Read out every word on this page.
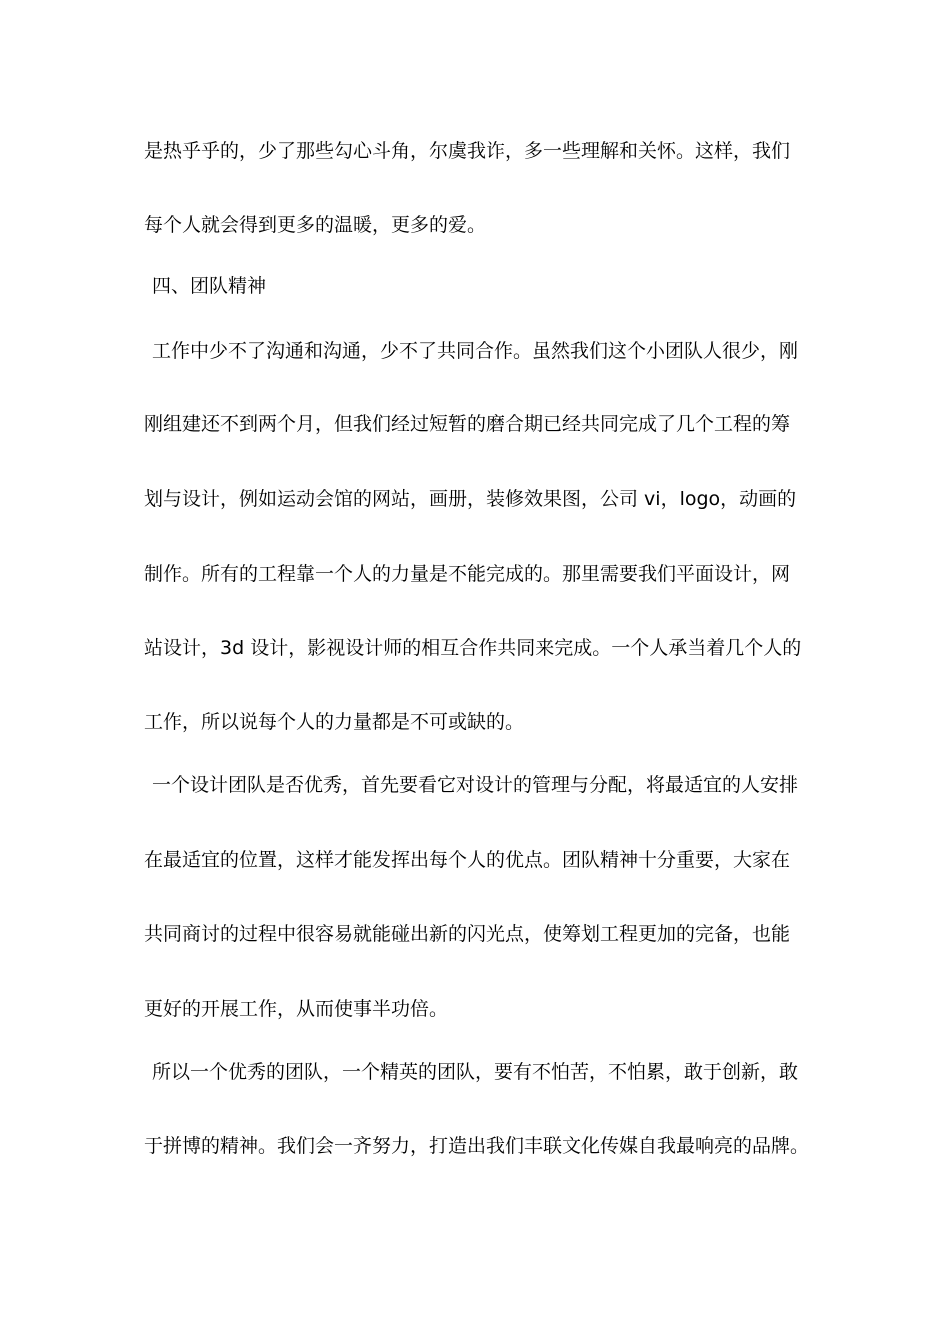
是热乎乎的，少了那些勾心斗角，尔虞我诈，多一些理解和关怀。这样，我们
每个人就会得到更多的温暖，更多的爱。
四、团队精神
工作中少不了沟通和沟通，少不了共同合作。虽然我们这个小团队人很少，刚
刚组建还不到两个月，但我们经过短暂的磨合期已经共同完成了几个工程的筹
划与设计，例如运动会馆的网站，画册，装修效果图，公司 vi，logo，动画的
制作。所有的工程靠一个人的力量是不能完成的。那里需要我们平面设计，网
站设计，3d 设计，影视设计师的相互合作共同来完成。一个人承当着几个人的
工作，所以说每个人的力量都是不可或缺的。
一个设计团队是否优秀，首先要看它对设计的管理与分配，将最适宜的人安排
在最适宜的位置，这样才能发挥出每个人的优点。团队精神十分重要，大家在
共同商讨的过程中很容易就能碰出新的闪光点，使筹划工程更加的完备，也能
更好的开展工作，从而使事半功倍。
所以一个优秀的团队，一个精英的团队，要有不怕苦，不怕累，敢于创新，敢
于拼博的精神。我们会一齐努力，打造出我们丰联文化传媒自我最响亮的品牌。
